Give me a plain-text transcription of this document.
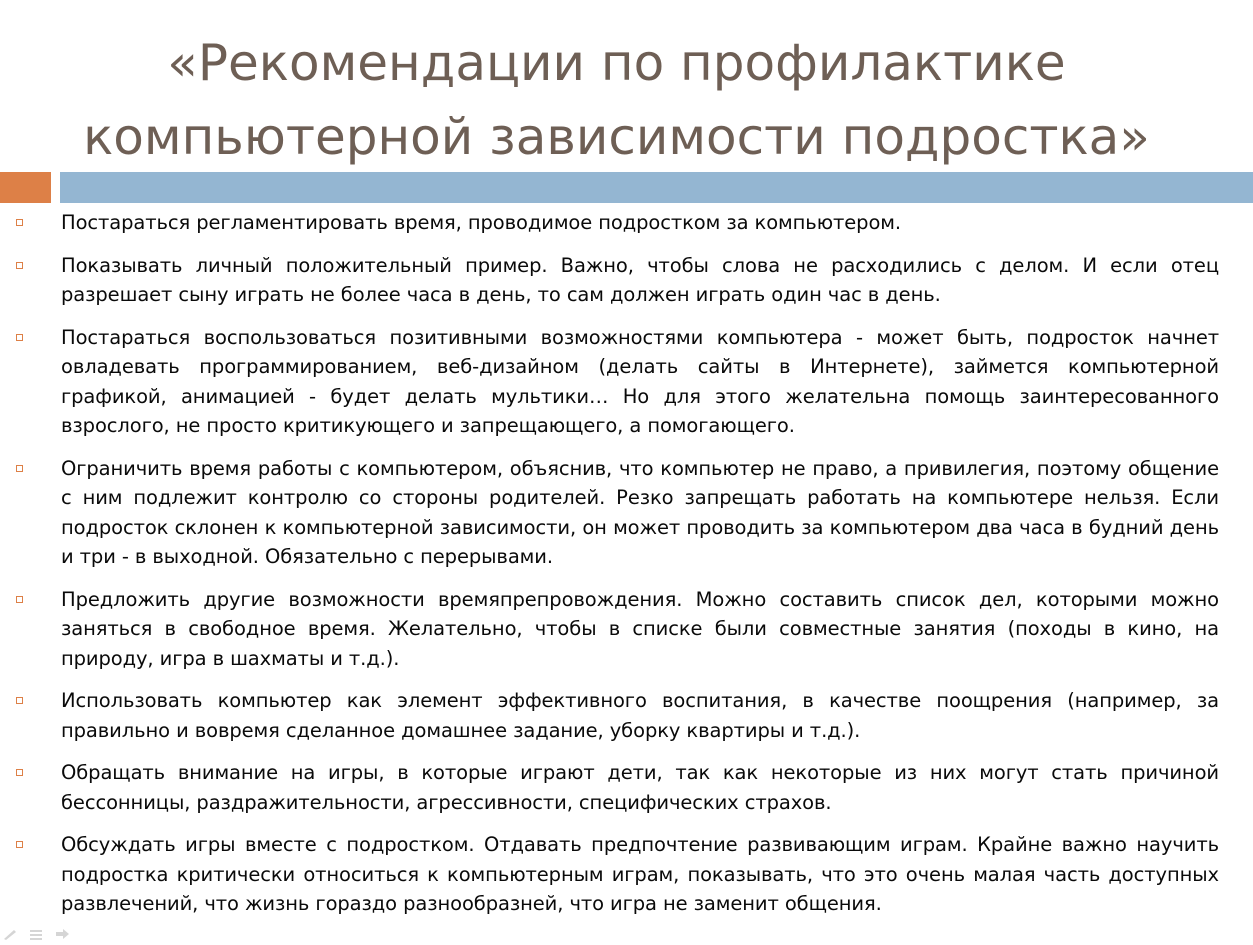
«Рекомендации по профилактике компьютерной зависимости подростка»
Постараться регламентировать время, проводимое подростком за компьютером.
Показывать личный положительный пример. Важно, чтобы слова не расходились с делом. И если отец разрешает сыну играть не более часа в день, то сам должен играть один час в день.
Постараться воспользоваться позитивными возможностями компьютера - может быть, подросток начнет овладевать программированием, веб-дизайном (делать сайты в Интернете), займется компьютерной графикой, анимацией - будет делать мультики… Но для этого желательна помощь заинтересованного взрослого, не просто критикующего и запрещающего, а помогающего.
Ограничить время работы с компьютером, объяснив, что компьютер не право, а привилегия, поэтому общение с ним подлежит контролю со стороны родителей. Резко запрещать работать на компьютере нельзя. Если подросток склонен к компьютерной зависимости, он может проводить за компьютером два часа в будний день и три - в выходной. Обязательно с перерывами.
Предложить другие возможности времяпрепровождения. Можно составить список дел, которыми можно заняться в свободное время. Желательно, чтобы в списке были совместные занятия (походы в кино, на природу, игра в шахматы и т.д.).
Использовать компьютер как элемент эффективного воспитания, в качестве поощрения (например, за правильно и вовремя сделанное домашнее задание, уборку квартиры и т.д.).
Обращать внимание на игры, в которые играют дети, так как некоторые из них могут стать причиной бессонницы, раздражительности, агрессивности, специфических страхов.
Обсуждать игры вместе с подростком. Отдавать предпочтение развивающим играм. Крайне важно научить подростка критически относиться к компьютерным играм, показывать, что это очень малая часть доступных развлечений, что жизнь гораздо разнообразней, что игра не заменит общения.
